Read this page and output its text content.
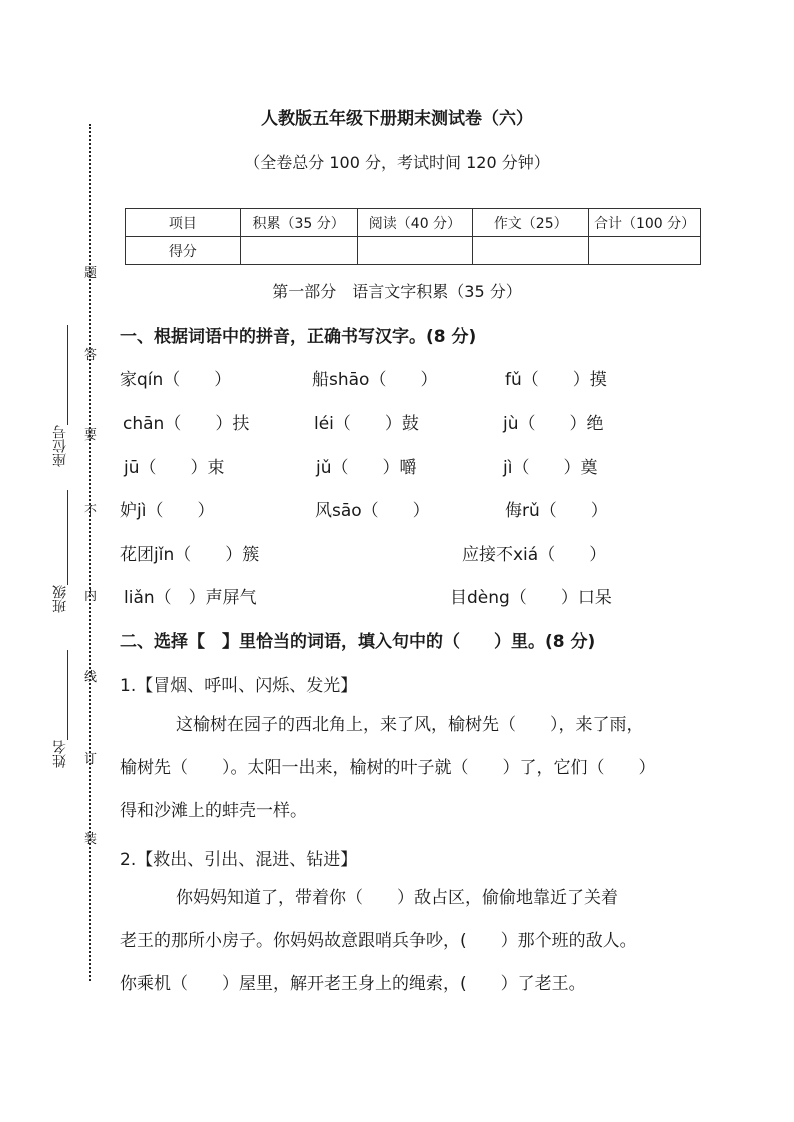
题
答
要
不
内
线
订
装
座位号
班级
姓名
人教版五年级下册期末测试卷（六）
（全卷总分 100 分，考试时间 120 分钟）
项目	积累（35 分）	阅读（40 分）	作文（25）	合计（100 分）
得分				
第一部分　语言文字积累（35 分）
一、根据词语中的拼音，正确书写汉字。(8 分)
家qín（　　）	船shāo（　　）	fǔ（　　）摸
chān（　　）扶	léi（　　）鼓	jù（　　）绝
jū（　　）束	jǔ（　　）嚼	jì（　　）奠
妒jì（　　）	风sāo（　　）	侮rǔ（　　）
花团jǐn（　　）簇	应接不xiá（　　）
liǎn（　）声屏气	目dèng（　　）口呆
二、选择【　】里恰当的词语，填入句中的（　　）里。(8 分)
1.【冒烟、呼叫、闪烁、发光】

这榆树在园子的西北角上，来了风，榆树先（　　），来了雨，

榆树先（　　）。太阳一出来，榆树的叶子就（　　）了，它们（　　）

得和沙滩上的蚌壳一样。

2.【救出、引出、混进、钻进】

你妈妈知道了，带着你（　　）敌占区，偷偷地靠近了关着

老王的那所小房子。你妈妈故意跟哨兵争吵，(　　）那个班的敌人。

你乘机（　　）屋里，解开老王身上的绳索，(　　）了老王。
